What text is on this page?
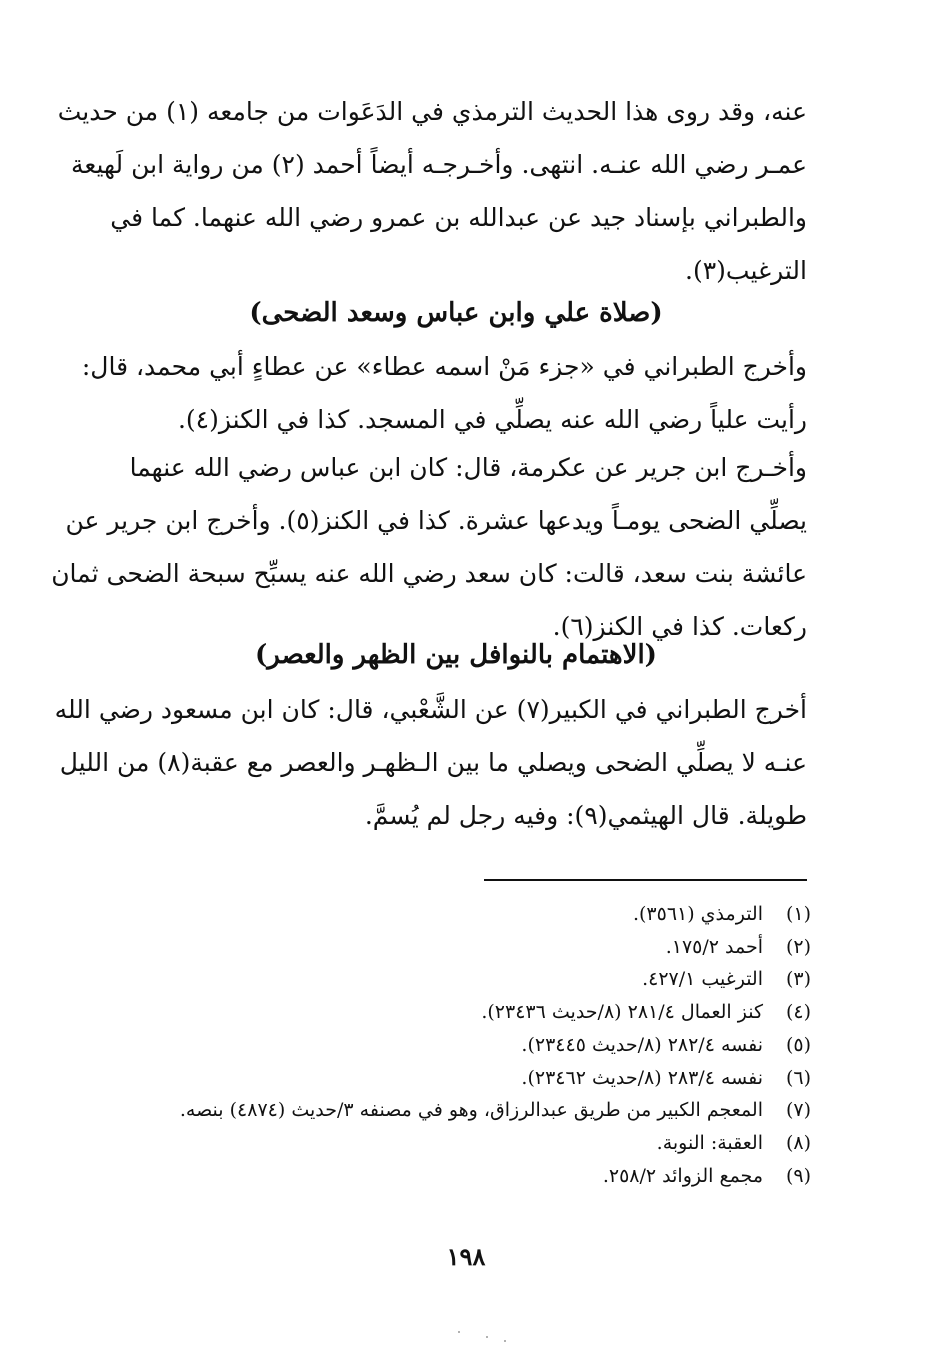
عنه، وقد روى هذا الحديث الترمذي في الدَعَوات من جامعه (١) من حديث
عمـر رضي الله عنـه. انتهى. وأخـرجـه أيضاً أحمد (٢) من رواية ابن لَهيعة
والطبراني بإسناد جيد عن عبدالله بن عمرو رضي الله عنهما. كما في
الترغيب(٣).
(صلاة علي وابن عباس وسعد الضحى)
وأخرج الطبراني في «جزء مَنْ اسمه عطاء» عن عطاءٍ أبي محمد، قال:
رأيت علياً رضي الله عنه يصلِّي في المسجد. كذا في الكنز(٤).
وأخـرج ابن جرير عن عكرمة، قال: كان ابن عباس رضي الله عنهما
يصلِّي الضحى يومـاً ويدعها عشرة. كذا في الكنز(٥). وأخرج ابن جرير عن
عائشة بنت سعد، قالت: كان سعد رضي الله عنه يسبِّح سبحة الضحى ثمان
ركعات. كذا في الكنز(٦).
(الاهتمام بالنوافل بين الظهر والعصر)
أخرج الطبراني في الكبير(٧) عن الشَّعْبي، قال: كان ابن مسعود رضي الله
عنـه لا يصلِّي الضحى ويصلي ما بين الـظهـر والعصر مع عقبة(٨) من الليل
طويلة. قال الهيثمي(٩): وفيه رجل لم يُسمَّ.
(١)
الترمذي (٣٥٦١).
(٢)
أحمد ١٧٥/٢.
(٣)
الترغيب ٤٢٧/١.
(٤)
كنز العمال ٢٨١/٤ (٨/حديث ٢٣٤٣٦).
(٥)
نفسه ٢٨٢/٤ (٨/حديث ٢٣٤٤٥).
(٦)
نفسه ٢٨٣/٤ (٨/حديث ٢٣٤٦٢).
(٧)
المعجم الكبير من طريق عبدالرزاق، وهو في مصنفه ٣/حديث (٤٨٧٤) بنصه.
(٨)
العقبة: النوبة.
(٩)
مجمع الزوائد ٢٥٨/٢.
١٩٨
